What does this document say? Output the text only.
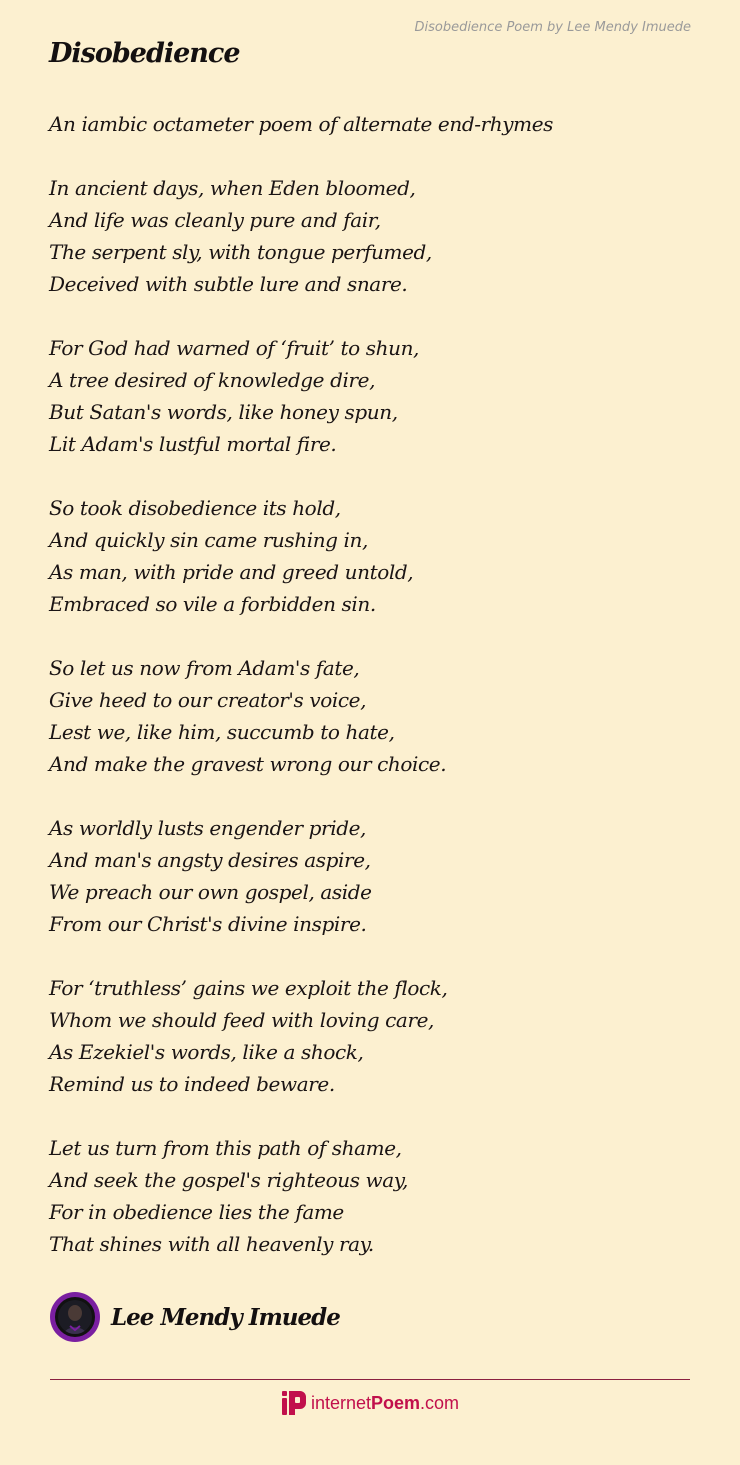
Disobedience Poem by Lee Mendy Imuede
Disobedience
An iambic octameter poem of alternate end-rhymes
In ancient days, when Eden bloomed,
And life was cleanly pure and fair,
The serpent sly, with tongue perfumed,
Deceived with subtle lure and snare.
For God had warned of ‘fruit’ to shun,
A tree desired of knowledge dire,
But Satan's words, like honey spun,
Lit Adam's lustful mortal fire.
So took disobedience its hold,
And quickly sin came rushing in,
As man, with pride and greed untold,
Embraced so vile a forbidden sin.
So let us now from Adam's fate,
Give heed to our creator's voice,
Lest we, like him, succumb to hate,
And make the gravest wrong our choice.
As worldly lusts engender pride,
And man's angsty desires aspire,
We preach our own gospel, aside
From our Christ's divine inspire.
For ‘truthless’ gains we exploit the flock,
Whom we should feed with loving care,
As Ezekiel's words, like a shock,
Remind us to indeed beware.
Let us turn from this path of shame,
And seek the gospel's righteous way,
For in obedience lies the fame
That shines with all heavenly ray.
Lee Mendy Imuede
internetPoem.com
